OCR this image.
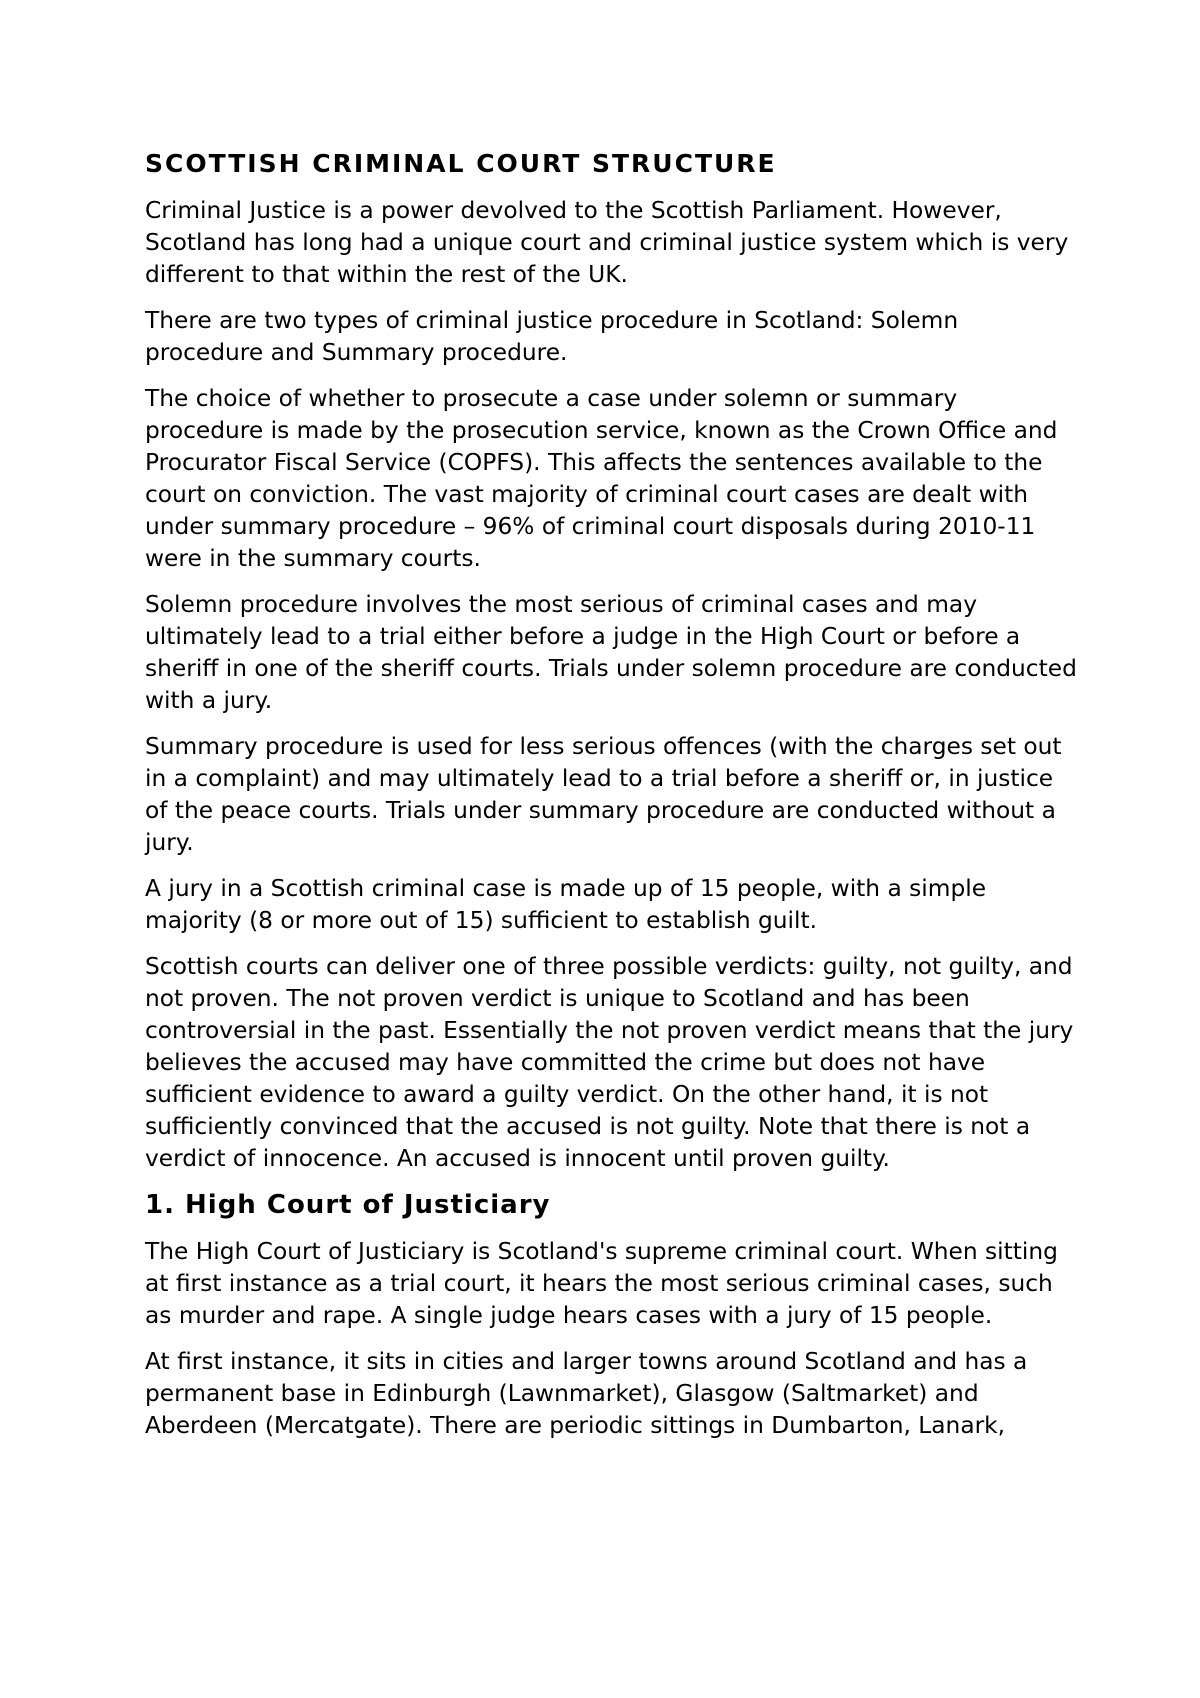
SCOTTISH CRIMINAL COURT STRUCTURE

Criminal Justice is a power devolved to the Scottish Parliament. However, Scotland has long had a unique court and criminal justice system which is very different to that within the rest of the UK.

There are two types of criminal justice procedure in Scotland: Solemn procedure and Summary procedure.

The choice of whether to prosecute a case under solemn or summary procedure is made by the prosecution service, known as the Crown Office and Procurator Fiscal Service (COPFS). This affects the sentences available to the court on conviction. The vast majority of criminal court cases are dealt with under summary procedure – 96% of criminal court disposals during 2010-11 were in the summary courts.

Solemn procedure involves the most serious of criminal cases and may ultimately lead to a trial either before a judge in the High Court or before a sheriff in one of the sheriff courts. Trials under solemn procedure are conducted with a jury.

Summary procedure is used for less serious offences (with the charges set out in a complaint) and may ultimately lead to a trial before a sheriff or, in justice of the peace courts. Trials under summary procedure are conducted without a jury.

A jury in a Scottish criminal case is made up of 15 people, with a simple majority (8 or more out of 15) sufficient to establish guilt.

Scottish courts can deliver one of three possible verdicts: guilty, not guilty, and not proven. The not proven verdict is unique to Scotland and has been controversial in the past. Essentially the not proven verdict means that the jury believes the accused may have committed the crime but does not have sufficient evidence to award a guilty verdict. On the other hand, it is not sufficiently convinced that the accused is not guilty. Note that there is not a verdict of innocence. An accused is innocent until proven guilty.

1. High Court of Justiciary

The High Court of Justiciary is Scotland's supreme criminal court. When sitting at first instance as a trial court, it hears the most serious criminal cases, such as murder and rape. A single judge hears cases with a jury of 15 people.

At first instance, it sits in cities and larger towns around Scotland and has a permanent base in Edinburgh (Lawnmarket), Glasgow (Saltmarket) and Aberdeen (Mercatgate). There are periodic sittings in Dumbarton, Lanark,
